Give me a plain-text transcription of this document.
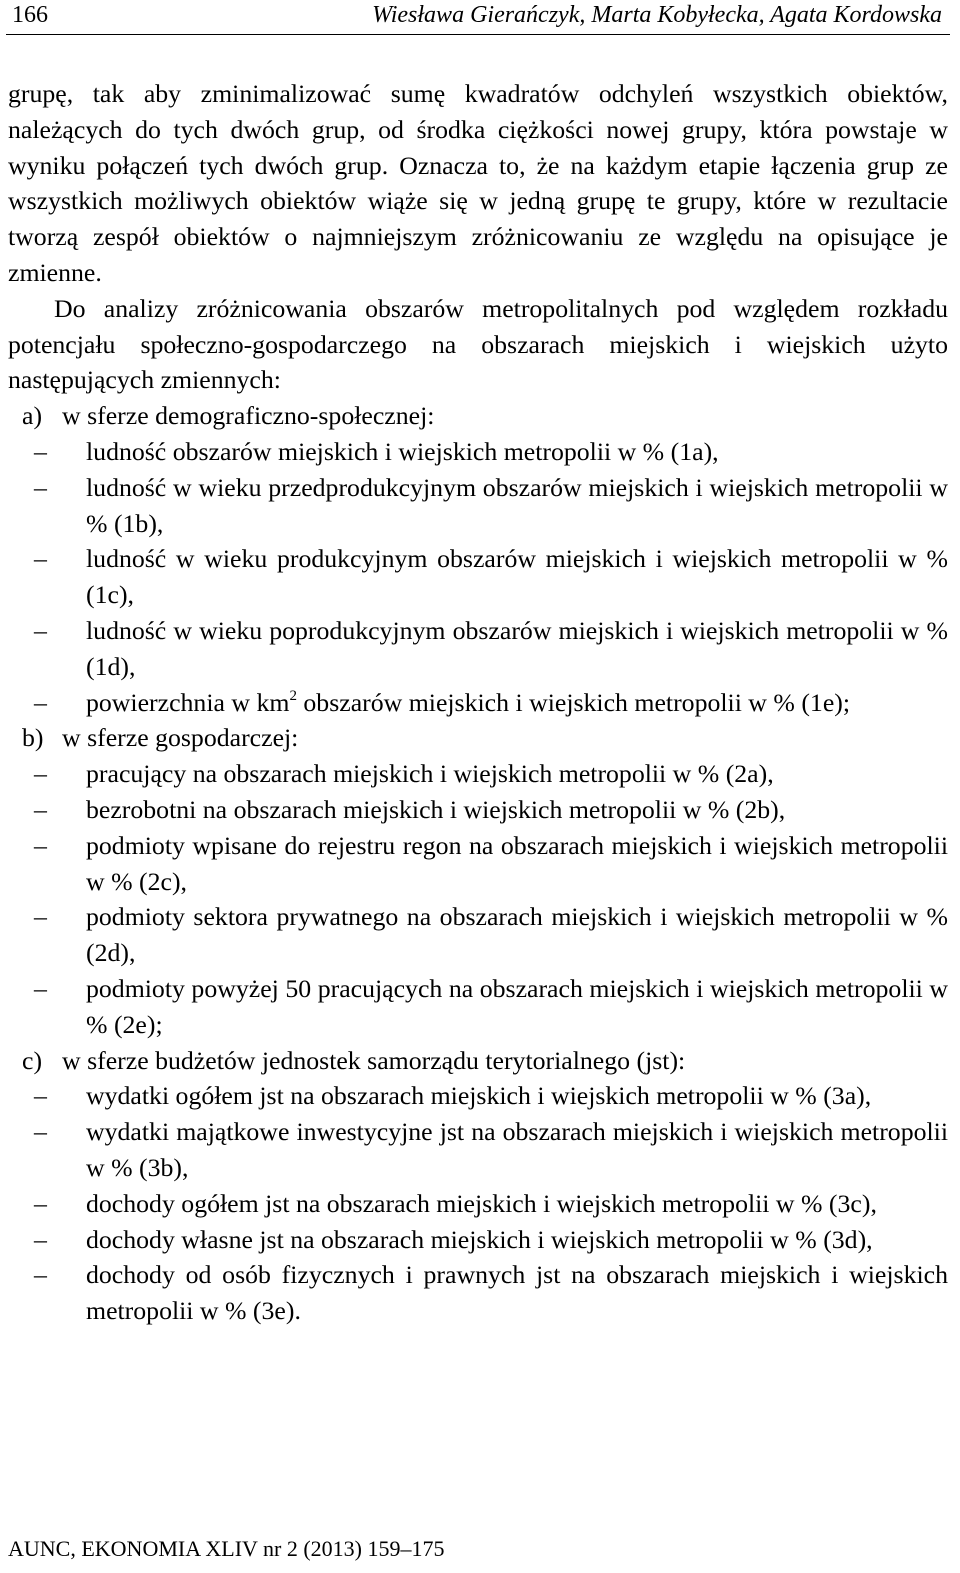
166	Wiesława Gierańczyk, Marta Kobyłecka, Agata Kordowska

grupę, tak aby zminimalizować sumę kwadratów odchyleń wszystkich obiektów, należących do tych dwóch grup, od środka ciężkości nowej grupy, która powstaje w wyniku połączeń tych dwóch grup. Oznacza to, że na każdym etapie łączenia grup ze wszystkich możliwych obiektów wiąże się w jedną grupę te grupy, które w rezultacie tworzą zespół obiektów o najmniejszym zróżnicowaniu ze względu na opisujące je zmienne.

Do analizy zróżnicowania obszarów metropolitalnych pod względem rozkładu potencjału społeczno-gospodarczego na obszarach miejskich i wiejskich użyto następujących zmiennych:

a) w sferze demograficzno-społecznej:
– ludność obszarów miejskich i wiejskich metropolii w % (1a),
– ludność w wieku przedprodukcyjnym obszarów miejskich i wiejskich metropolii w % (1b),
– ludność w wieku produkcyjnym obszarów miejskich i wiejskich metropolii w % (1c),
– ludność w wieku poprodukcyjnym obszarów miejskich i wiejskich metropolii w % (1d),
– powierzchnia w $km^2$ obszarów miejskich i wiejskich metropolii w % (1e);
b) w sferze gospodarczej:
– pracujący na obszarach miejskich i wiejskich metropolii w % (2a),
– bezrobotni na obszarach miejskich i wiejskich metropolii w % (2b),
– podmioty wpisane do rejestru regon na obszarach miejskich i wiejskich metropolii w % (2c),
– podmioty sektora prywatnego na obszarach miejskich i wiejskich metropolii w % (2d),
– podmioty powyżej 50 pracujących na obszarach miejskich i wiejskich metropolii w % (2e);
c) w sferze budżetów jednostek samorządu terytorialnego (jst):
– wydatki ogółem jst na obszarach miejskich i wiejskich metropolii w % (3a),
– wydatki majątkowe inwestycyjne jst na obszarach miejskich i wiejskich metropolii w % (3b),
– dochody ogółem jst na obszarach miejskich i wiejskich metropolii w % (3c),
– dochody własne jst na obszarach miejskich i wiejskich metropolii w % (3d),
– dochody od osób fizycznych i prawnych jst na obszarach miejskich i wiejskich metropolii w % (3e).
AUNC, EKONOMIA XLIV nr 2 (2013) 159–175
